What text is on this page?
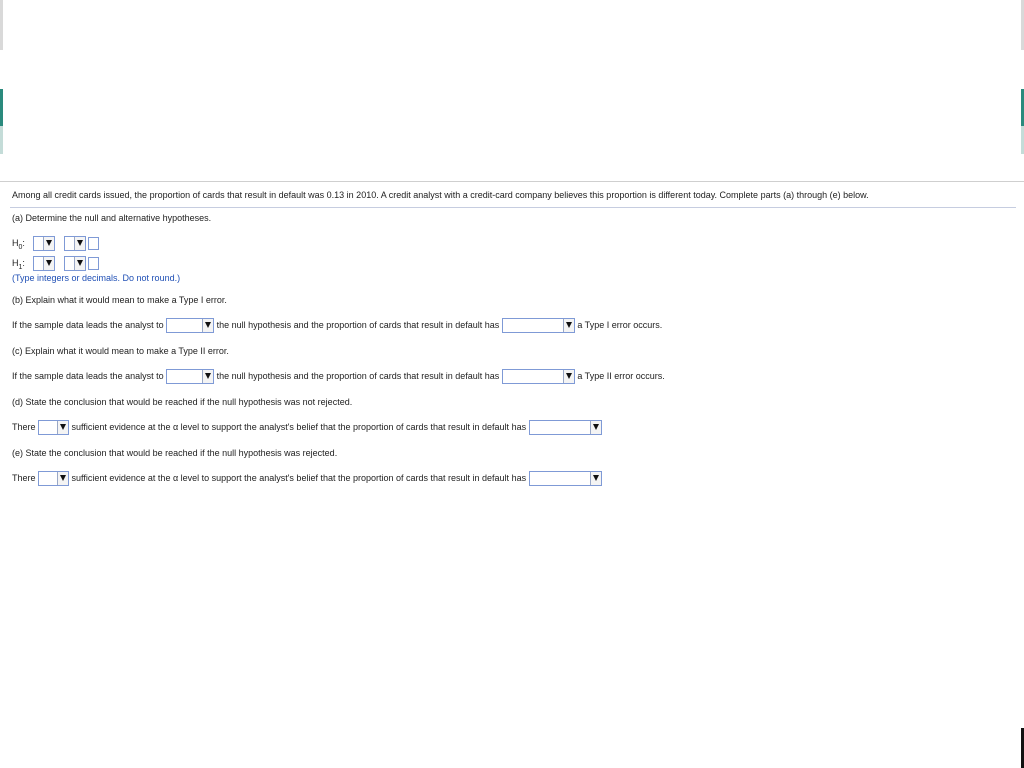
Among all credit cards issued, the proportion of cards that result in default was 0.13 in 2010. A credit analyst with a credit-card company believes this proportion is different today. Complete parts (a) through (e) below.
(a) Determine the null and alternative hypotheses.
$H_0$:

$H_1$:

(Type integers or decimals. Do not round.)
(b) Explain what it would mean to make a Type I error.
If the sample data leads the analyst to	the null hypothesis and the proportion of cards that result in default has	a Type I error occurs.
(c) Explain what it would mean to make a Type II error.
If the sample data leads the analyst to	the null hypothesis and the proportion of cards that result in default has	a Type II error occurs.
(d) State the conclusion that would be reached if the null hypothesis was not rejected.
There	sufficient evidence at the α level to support the analyst's belief that the proportion of cards that result in default has
(e) State the conclusion that would be reached if the null hypothesis was rejected.
There	sufficient evidence at the α level to support the analyst's belief that the proportion of cards that result in default has
